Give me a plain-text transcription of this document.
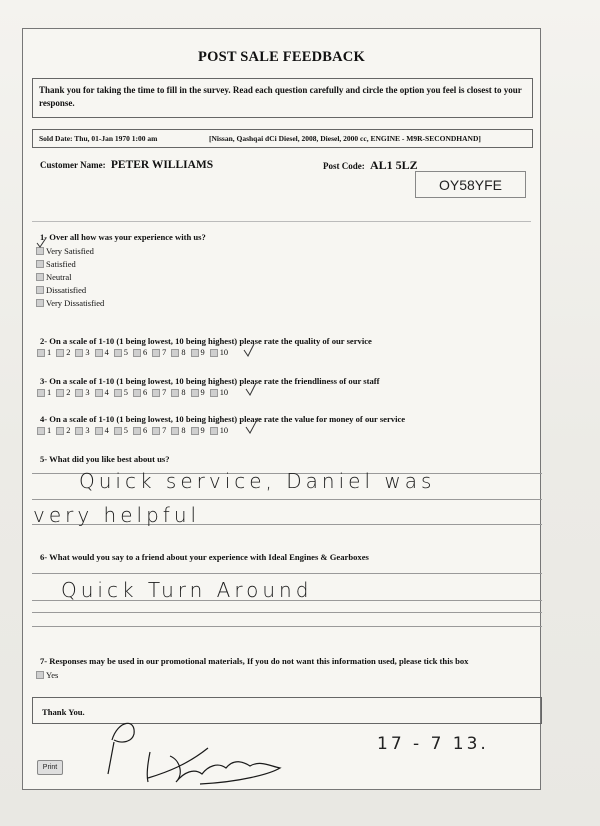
POST SALE FEEDBACK
Thank you for taking the time to fill in the survey. Read each question carefully and circle the option you feel is closest to your response.
Sold Date: Thu, 01-Jan 1970 1:00 am	[Nissan, Qashqai dCi Diesel, 2008, Diesel, 2000 cc, ENGINE - M9R-SECONDHAND]
Customer Name: PETER WILLIAMS	Post Code: AL1 5LZ
OY58YFE
1- Over all how was your experience with us?
Very Satisfied
Satisfied
Neutral
Dissatisfied
Very Dissatisfied
2- On a scale of 1-10 (1 being lowest, 10 being highest) please rate the quality of our service
1 2 3 4 5 6 7 8 9 10
3- On a scale of 1-10 (1 being lowest, 10 being highest) please rate the friendliness of our staff
1 2 3 4 5 6 7 8 9 10
4- On a scale of 1-10 (1 being lowest, 10 being highest) please rate the value for money of our service
1 2 3 4 5 6 7 8 9 10
5- What did you like best about us?
Quick service, Daniel was
very helpful
6- What would you say to a friend about your experience with Ideal Engines & Gearboxes
Quick Turn Around
7- Responses may be used in our promotional materials, If you do not want this information used, please tick this box
Yes
Thank You.
Print
17 - 7 13.
